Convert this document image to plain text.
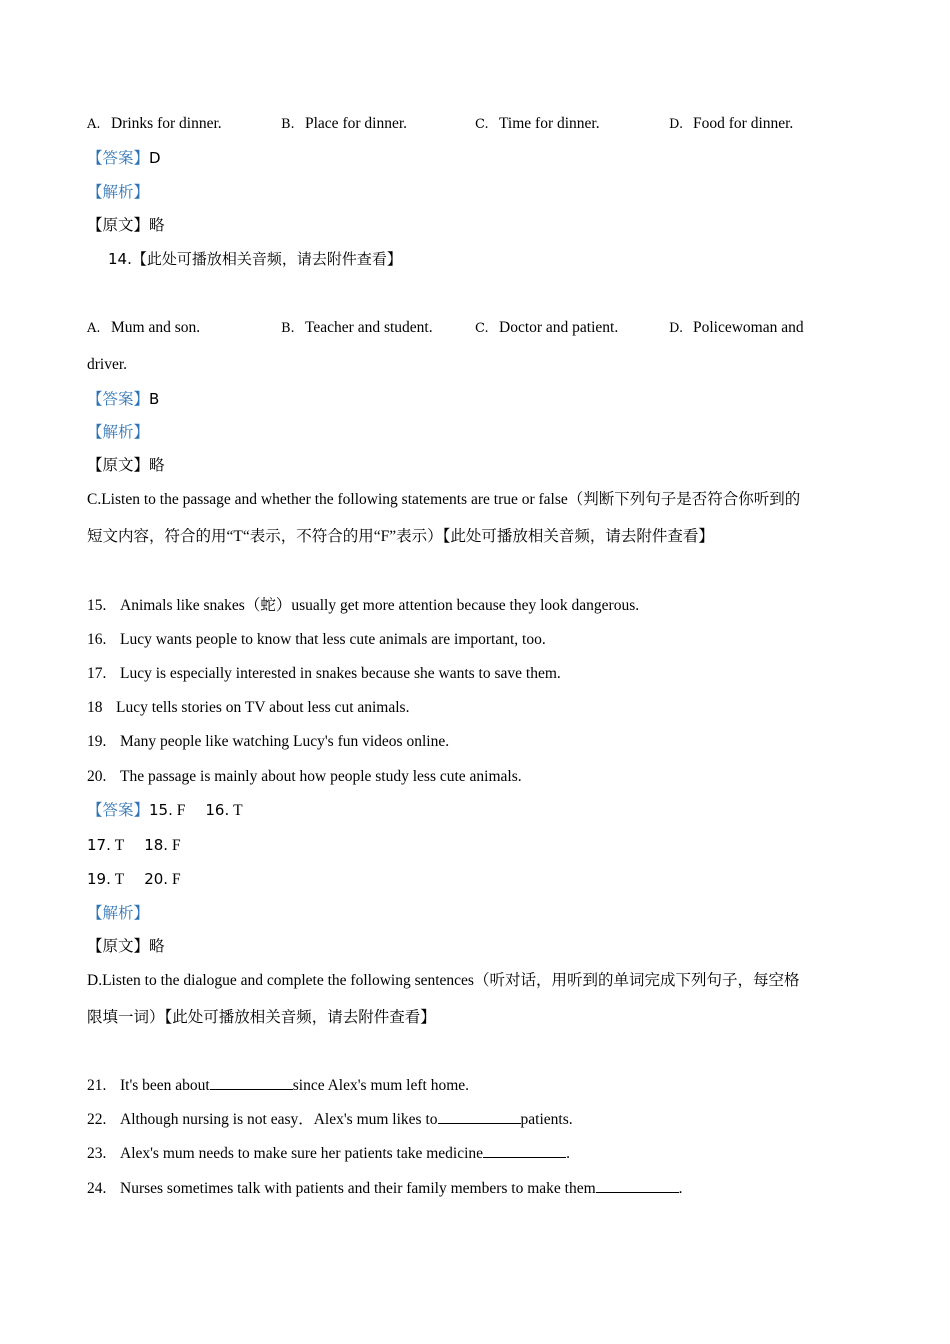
A. Drinks for dinner.	B. Place for dinner.	C. Time for dinner.	D. Food for dinner.
【答案】D
【解析】
【原文】略
14.【此处可播放相关音频，请去附件查看】
A. Mum and son.	B. Teacher and student.	C. Doctor and patient.	D. Policewoman and
driver.
【答案】B
【解析】
【原文】略
C.Listen to the passage and whether the following statements are true or false（判断下列句子是否符合你听到的
短文内容，符合的用“T“表示，不符合的用“F”表示）【此处可播放相关音频，请去附件查看】
15. Animals like snakes（蛇）usually get more attention because they look dangerous.
16. Lucy wants people to know that less cute animals are important, too.
17. Lucy is especially interested in snakes because she wants to save them.
18 Lucy tells stories on TV about less cut animals.
19. Many people like watching Lucy's fun videos online.
20. The passage is mainly about how people study less cute animals.
【答案】15. F 16. T
17. T 18. F
19. T 20. F
【解析】
【原文】略
D.Listen to the dialogue and complete the following sentences（听对话，用听到的单词完成下列句子，每空格
限填一词）【此处可播放相关音频，请去附件查看】
21. It's been about	since Alex's mum left home.
22. Although nursing is not easy．Alex's mum likes to	patients.
23. Alex's mum needs to make sure her patients take medicine	.
24. Nurses sometimes talk with patients and their family members to make them	.
